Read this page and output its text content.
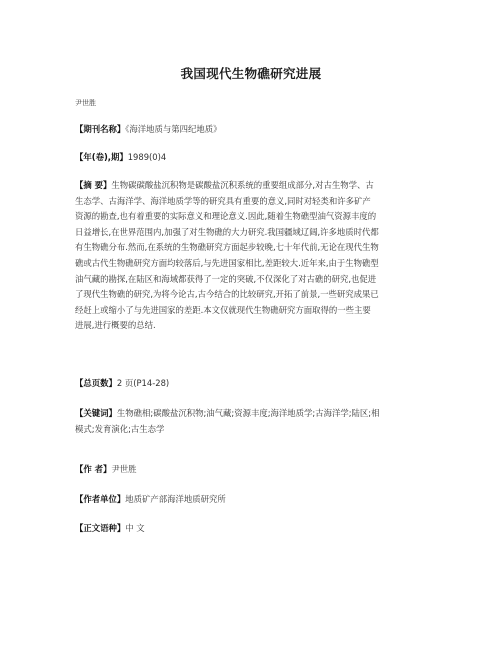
我国现代生物礁研究进展
尹世胜
【期刊名称】《海洋地质与第四纪地质》
【年(卷),期】1989(0)4
【摘 要】生物碳碳酸盐沉积物是碳酸盐沉积系统的重要组成部分,对古生物学、古
生态学、古海洋学、海洋地质学等的研究具有重要的意义,同时对轻类和许多矿产
资源的勘查,也有着重要的实际意义和理论意义.因此,随着生物礁型油气资源丰度的
日益增长,在世界范围内,加强了对生物礁的大力研究.我国疆域辽阔,许多地质时代都
有生物礁分布.然而,在系统的生物礁研究方面起步较晚,七十年代前,无论在现代生物
礁或古代生物礁研究方面均较落后,与先进国家相比,差距较大.近年来,由于生物礁型
油气藏的勘探,在陆区和海域都获得了一定的突破,不仅深化了对古礁的研究,也促进
了现代生物礁的研究,为将今论古,古今结合的比较研究,开拓了前景,一些研究成果已
经赶上或缩小了与先进国家的差距.本文仅就现代生物礁研究方面取得的一些主要
进展,进行概要的总结.
【总页数】2 页(P14-28)
【关键词】生物礁相;碳酸盐沉积物;油气藏;资源丰度;海洋地质学;古海洋学;陆区;相
模式;发育演化;古生态学
【作 者】尹世胜
【作者单位】地质矿产部海洋地质研究所
【正文语种】中 文
